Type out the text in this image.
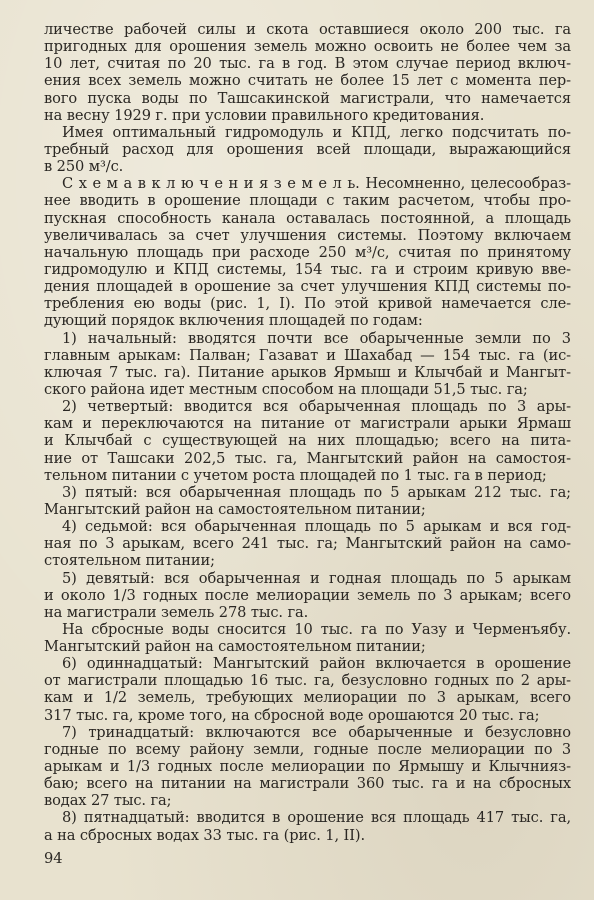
личестве рабочей силы и скота оставшиеся около 200 тыс. га
пригодных для орошения земель можно освоить не более чем за
10 лет, считая по 20 тыс. га в год. В этом случае период включ-
ения всех земель можно считать не более 15 лет с момента пер-
вого пуска воды по Ташсакинской магистрали, что намечается
на весну 1929 г. при условии правильного кредитования.
Имея оптимальный гидромодуль и КПД, легко подсчитать по-
требный расход для орошения всей площади, выражающийся
в 250 м³/с.
С х е м а в к л ю ч е н и я з е м е л ь. Несомненно, целесообраз-
нее вводить в орошение площади с таким расчетом, чтобы про-
пускная способность канала оставалась постоянной, а площадь
увеличивалась за счет улучшения системы. Поэтому включаем
начальную площадь при расходе 250 м³/с, считая по принятому
гидромодулю и КПД системы, 154 тыс. га и строим кривую вве-
дения площадей в орошение за счет улучшения КПД системы по-
требления ею воды (рис. 1, I). По этой кривой намечается сле-
дующий порядок включения площадей по годам:
1) начальный: вводятся почти все обарыченные земли по 3
главным арыкам: Палван; Газават и Шахабад — 154 тыс. га (ис-
ключая 7 тыс. га). Питание арыков Ярмыш и Клычбай и Мангыт-
ского района идет местным способом на площади 51,5 тыс. га;
2) четвертый: вводится вся обарыченная площадь по 3 ары-
кам и переключаются на питание от магистрали арыки Ярмаш
и Клычбай с существующей на них площадью; всего на пита-
ние от Ташсаки 202,5 тыс. га, Мангытский район на самостоя-
тельном питании с учетом роста площадей по 1 тыс. га в период;
3) пятый: вся обарыченная площадь по 5 арыкам 212 тыс. га;
Мангытский район на самостоятельном питании;
4) седьмой: вся обарыченная площадь по 5 арыкам и вся год-
ная по 3 арыкам, всего 241 тыс. га; Мангытский район на само-
стоятельном питании;
5) девятый: вся обарыченная и годная площадь по 5 арыкам
и около 1/3 годных после мелиорации земель по 3 арыкам; всего
на магистрали земель 278 тыс. га.
На сбросные воды сносится 10 тыс. га по Уазу и Черменъябу.
Мангытский район на самостоятельном питании;
6) одиннадцатый: Мангытский район включается в орошение
от магистрали площадью 16 тыс. га, безусловно годных по 2 ары-
кам и 1/2 земель, требующих мелиорации по 3 арыкам, всего
317 тыс. га, кроме того, на сбросной воде орошаются 20 тыс. га;
7) тринадцатый: включаются все обарыченные и безусловно
годные по всему району земли, годные после мелиорации по 3
арыкам и 1/3 годных после мелиорации по Ярмышу и Клычнияз-
баю; всего на питании на магистрали 360 тыс. га и на сбросных
водах 27 тыс. га;
8) пятнадцатый: вводится в орошение вся площадь 417 тыс. га,
а на сбросных водах 33 тыс. га (рис. 1, II).
94
